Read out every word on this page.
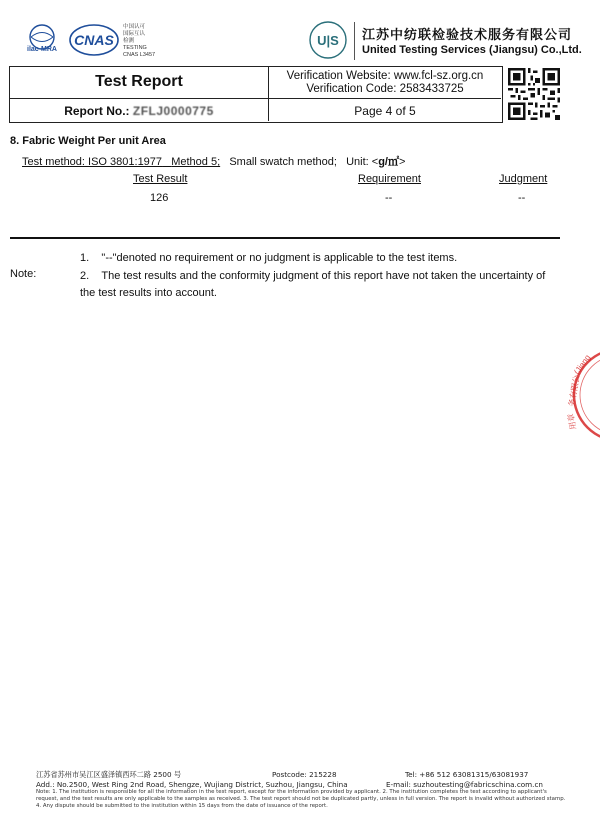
ilac-MRA
CNAS
中国认可
国际互认
检测
TESTING
CNAS L3457
U|S 江苏中纺联检验技术服务有限公司
United Testing Services (Jiangsu) Co.,Ltd.
Test Report
Report No.: ZFLJ0000775
Verification Website: www.fcl-sz.org.cn
Verification Code: 2583433725
Page 4 of 5
8. Fabric Weight Per unit Area
Test method: ISO 3801:1977 Method 5; Small swatch method; Unit: <g/㎡>
Test Result	Requirement	Judgment
126	--	--
Note:
1. "--"denoted no requirement or no judgment is applicable to the test items.
2. The test results and the conformity judgment of this report have not taken the uncertainty of the test results into account.
(Jiang
务有限公
用章
江苏省苏州市吴江区盛泽镇西环二路 2500 号	Postcode: 215228	Tel: +86 512 63081315/63081937
Add.: No.2500, West Ring 2nd Road, Shengze, Wujiang District, Suzhou, Jiangsu, China	E-mail: suzhoutesting@fabricschina.com.cn
Note: 1. The institution is responsible for all the information in the test report, except for the information provided by applicant. 2. The institution completes the test according to applicant's request, and the test results are only applicable to the samples as received. 3. The test report should not be duplicated partly, unless in full version. The report is invalid without authorized stamp. 4. Any dispute should be submitted to the institution within 15 days from the date of issuance of the report.
